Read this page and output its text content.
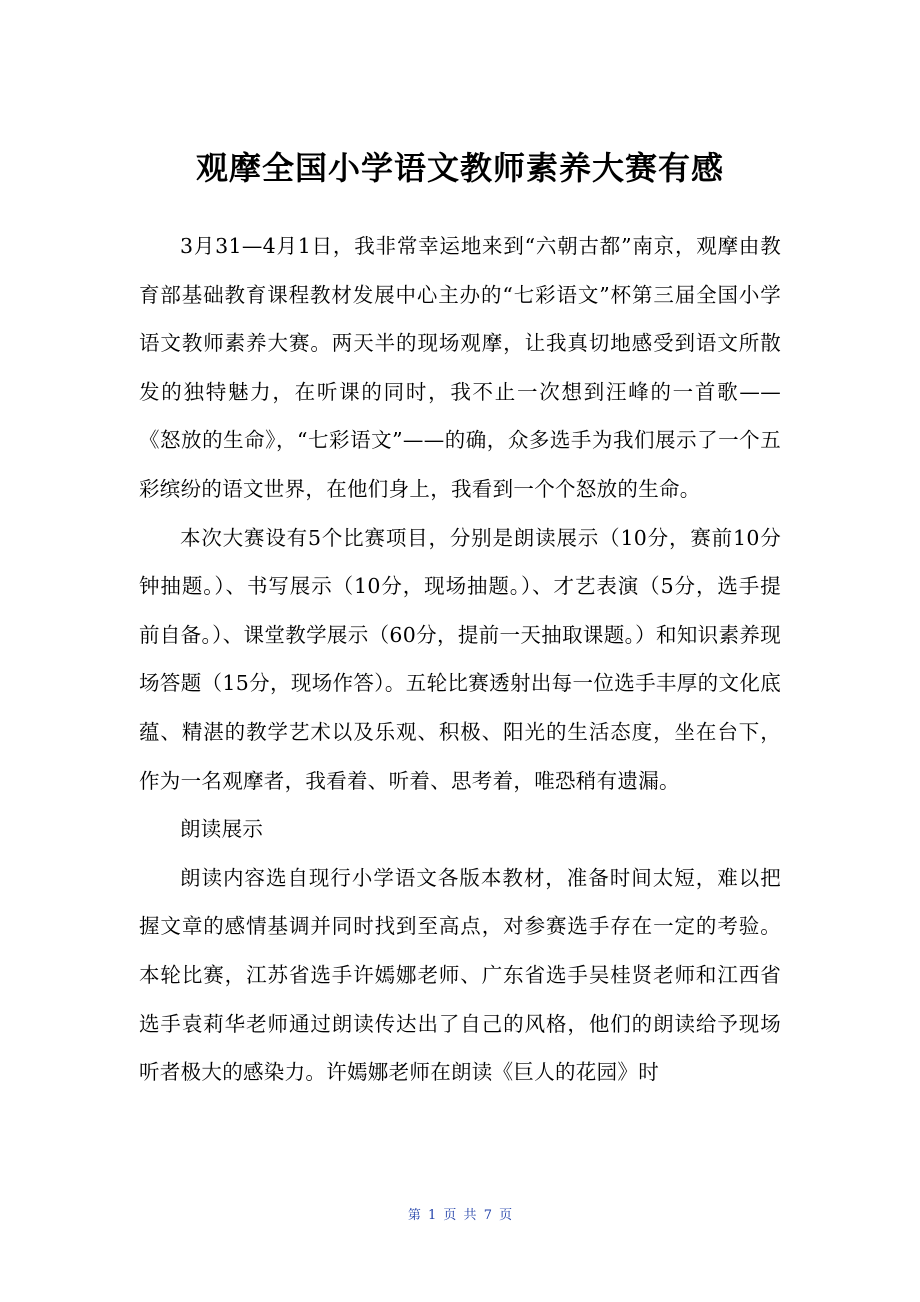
观摩全国小学语文教师素养大赛有感

3月31—4月1日，我非常幸运地来到“六朝古都”南京，观摩由教育部基础教育课程教材发展中心主办的“七彩语文”杯第三届全国小学语文教师素养大赛。两天半的现场观摩，让我真切地感受到语文所散发的独特魅力，在听课的同时，我不止一次想到汪峰的一首歌——《怒放的生命》，“七彩语文”——的确，众多选手为我们展示了一个五彩缤纷的语文世界，在他们身上，我看到一个个怒放的生命。

本次大赛设有5个比赛项目，分别是朗读展示（10分，赛前10分钟抽题。）、书写展示（10分，现场抽题。）、才艺表演（5分，选手提前自备。）、课堂教学展示（60分，提前一天抽取课题。）和知识素养现场答题（15分，现场作答）。五轮比赛透射出每一位选手丰厚的文化底蕴、精湛的教学艺术以及乐观、积极、阳光的生活态度，坐在台下，作为一名观摩者，我看着、听着、思考着，唯恐稍有遗漏。

朗读展示

朗读内容选自现行小学语文各版本教材，准备时间太短，难以把握文章的感情基调并同时找到至高点，对参赛选手存在一定的考验。本轮比赛，江苏省选手许嫣娜老师、广东省选手吴桂贤老师和江西省选手袁莉华老师通过朗读传达出了自己的风格，他们的朗读给予现场听者极大的感染力。许嫣娜老师在朗读《巨人的花园》时

第 1 页 共 7 页
